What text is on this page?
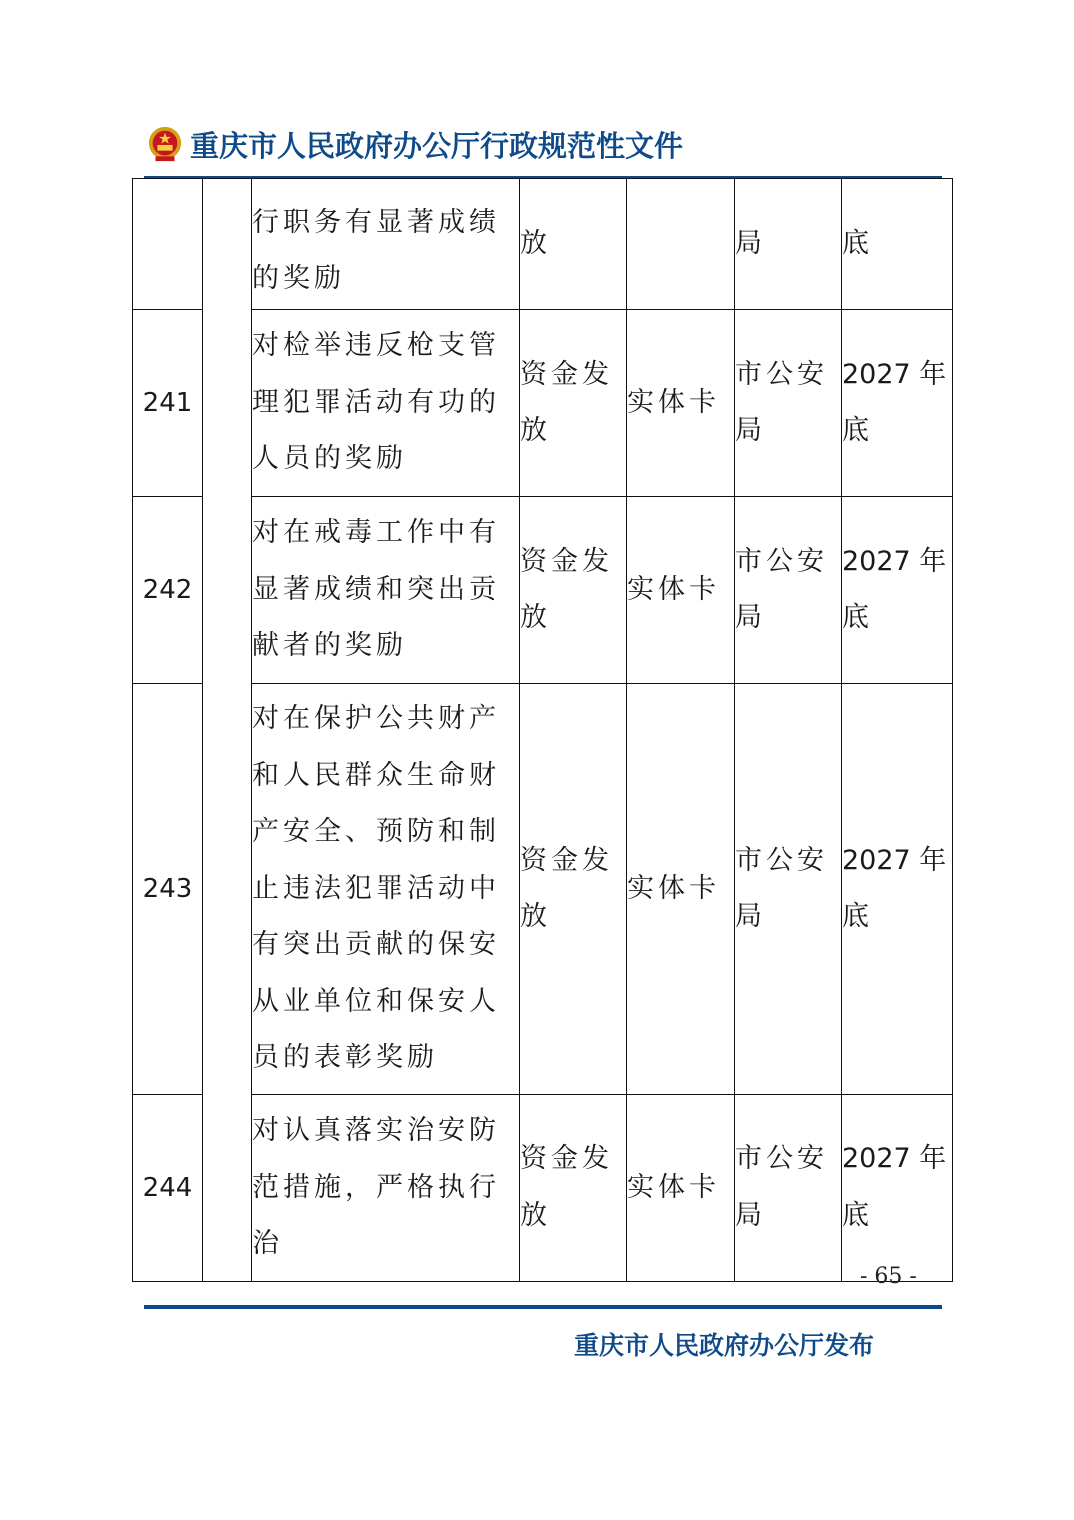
重庆市人民政府办公厅行政规范性文件
		行职务有显著成绩的奖励	放		局	底
241		对检举违反枪支管理犯罪活动有功的人员的奖励	资金发放	实体卡	市公安局	2027 年底
242		对在戒毒工作中有显著成绩和突出贡献者的奖励	资金发放	实体卡	市公安局	2027 年底
243		对在保护公共财产和人民群众生命财产安全、预防和制止违法犯罪活动中有突出贡献的保安从业单位和保安人员的表彰奖励	资金发放	实体卡	市公安局	2027 年底
244		对认真落实治安防范措施，严格执行治	资金发放	实体卡	市公安局	2027 年底
- 65 -
重庆市人民政府办公厅发布
